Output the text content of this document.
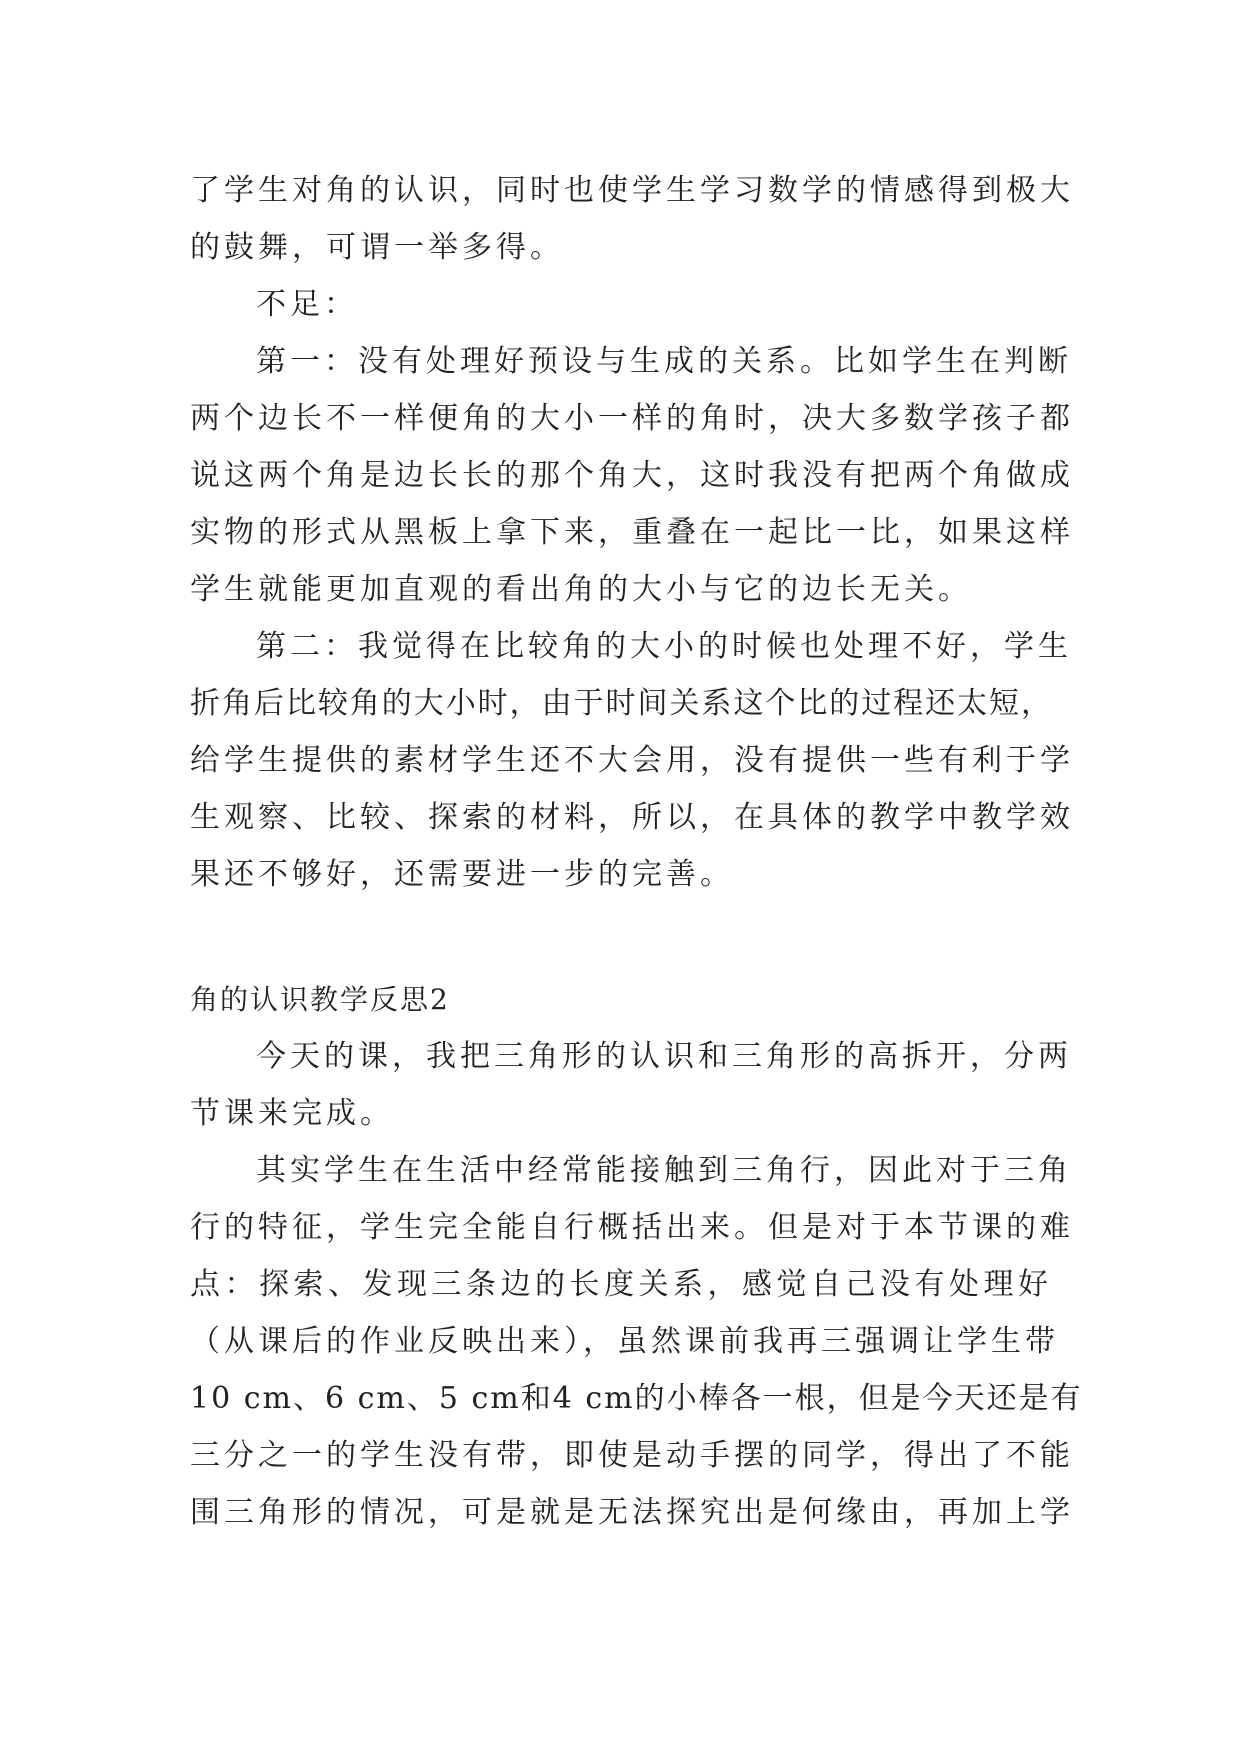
了学生对角的认识，同时也使学生学习数学的情感得到极大
的鼓舞，可谓一举多得。
不足：
第一：没有处理好预设与生成的关系。比如学生在判断
两个边长不一样便角的大小一样的角时，决大多数学孩子都
说这两个角是边长长的那个角大，这时我没有把两个角做成
实物的形式从黑板上拿下来，重叠在一起比一比，如果这样
学生就能更加直观的看出角的大小与它的边长无关。
第二：我觉得在比较角的大小的时候也处理不好，学生
折角后比较角的大小时，由于时间关系这个比的过程还太短，
给学生提供的素材学生还不大会用，没有提供一些有利于学
生观察、比较、探索的材料，所以，在具体的教学中教学效
果还不够好，还需要进一步的完善。
角的认识教学反思2
今天的课，我把三角形的认识和三角形的高拆开，分两
节课来完成。
其实学生在生活中经常能接触到三角行，因此对于三角
行的特征，学生完全能自行概括出来。但是对于本节课的难
点：探索、发现三条边的长度关系，感觉自己没有处理好
（从课后的作业反映出来），虽然课前我再三强调让学生带
10 cm、6 cm、5 cm和4 cm的小棒各一根，但是今天还是有
三分之一的学生没有带，即使是动手摆的同学，得出了不能
围三角形的情况，可是就是无法探究出是何缘由，再加上学
